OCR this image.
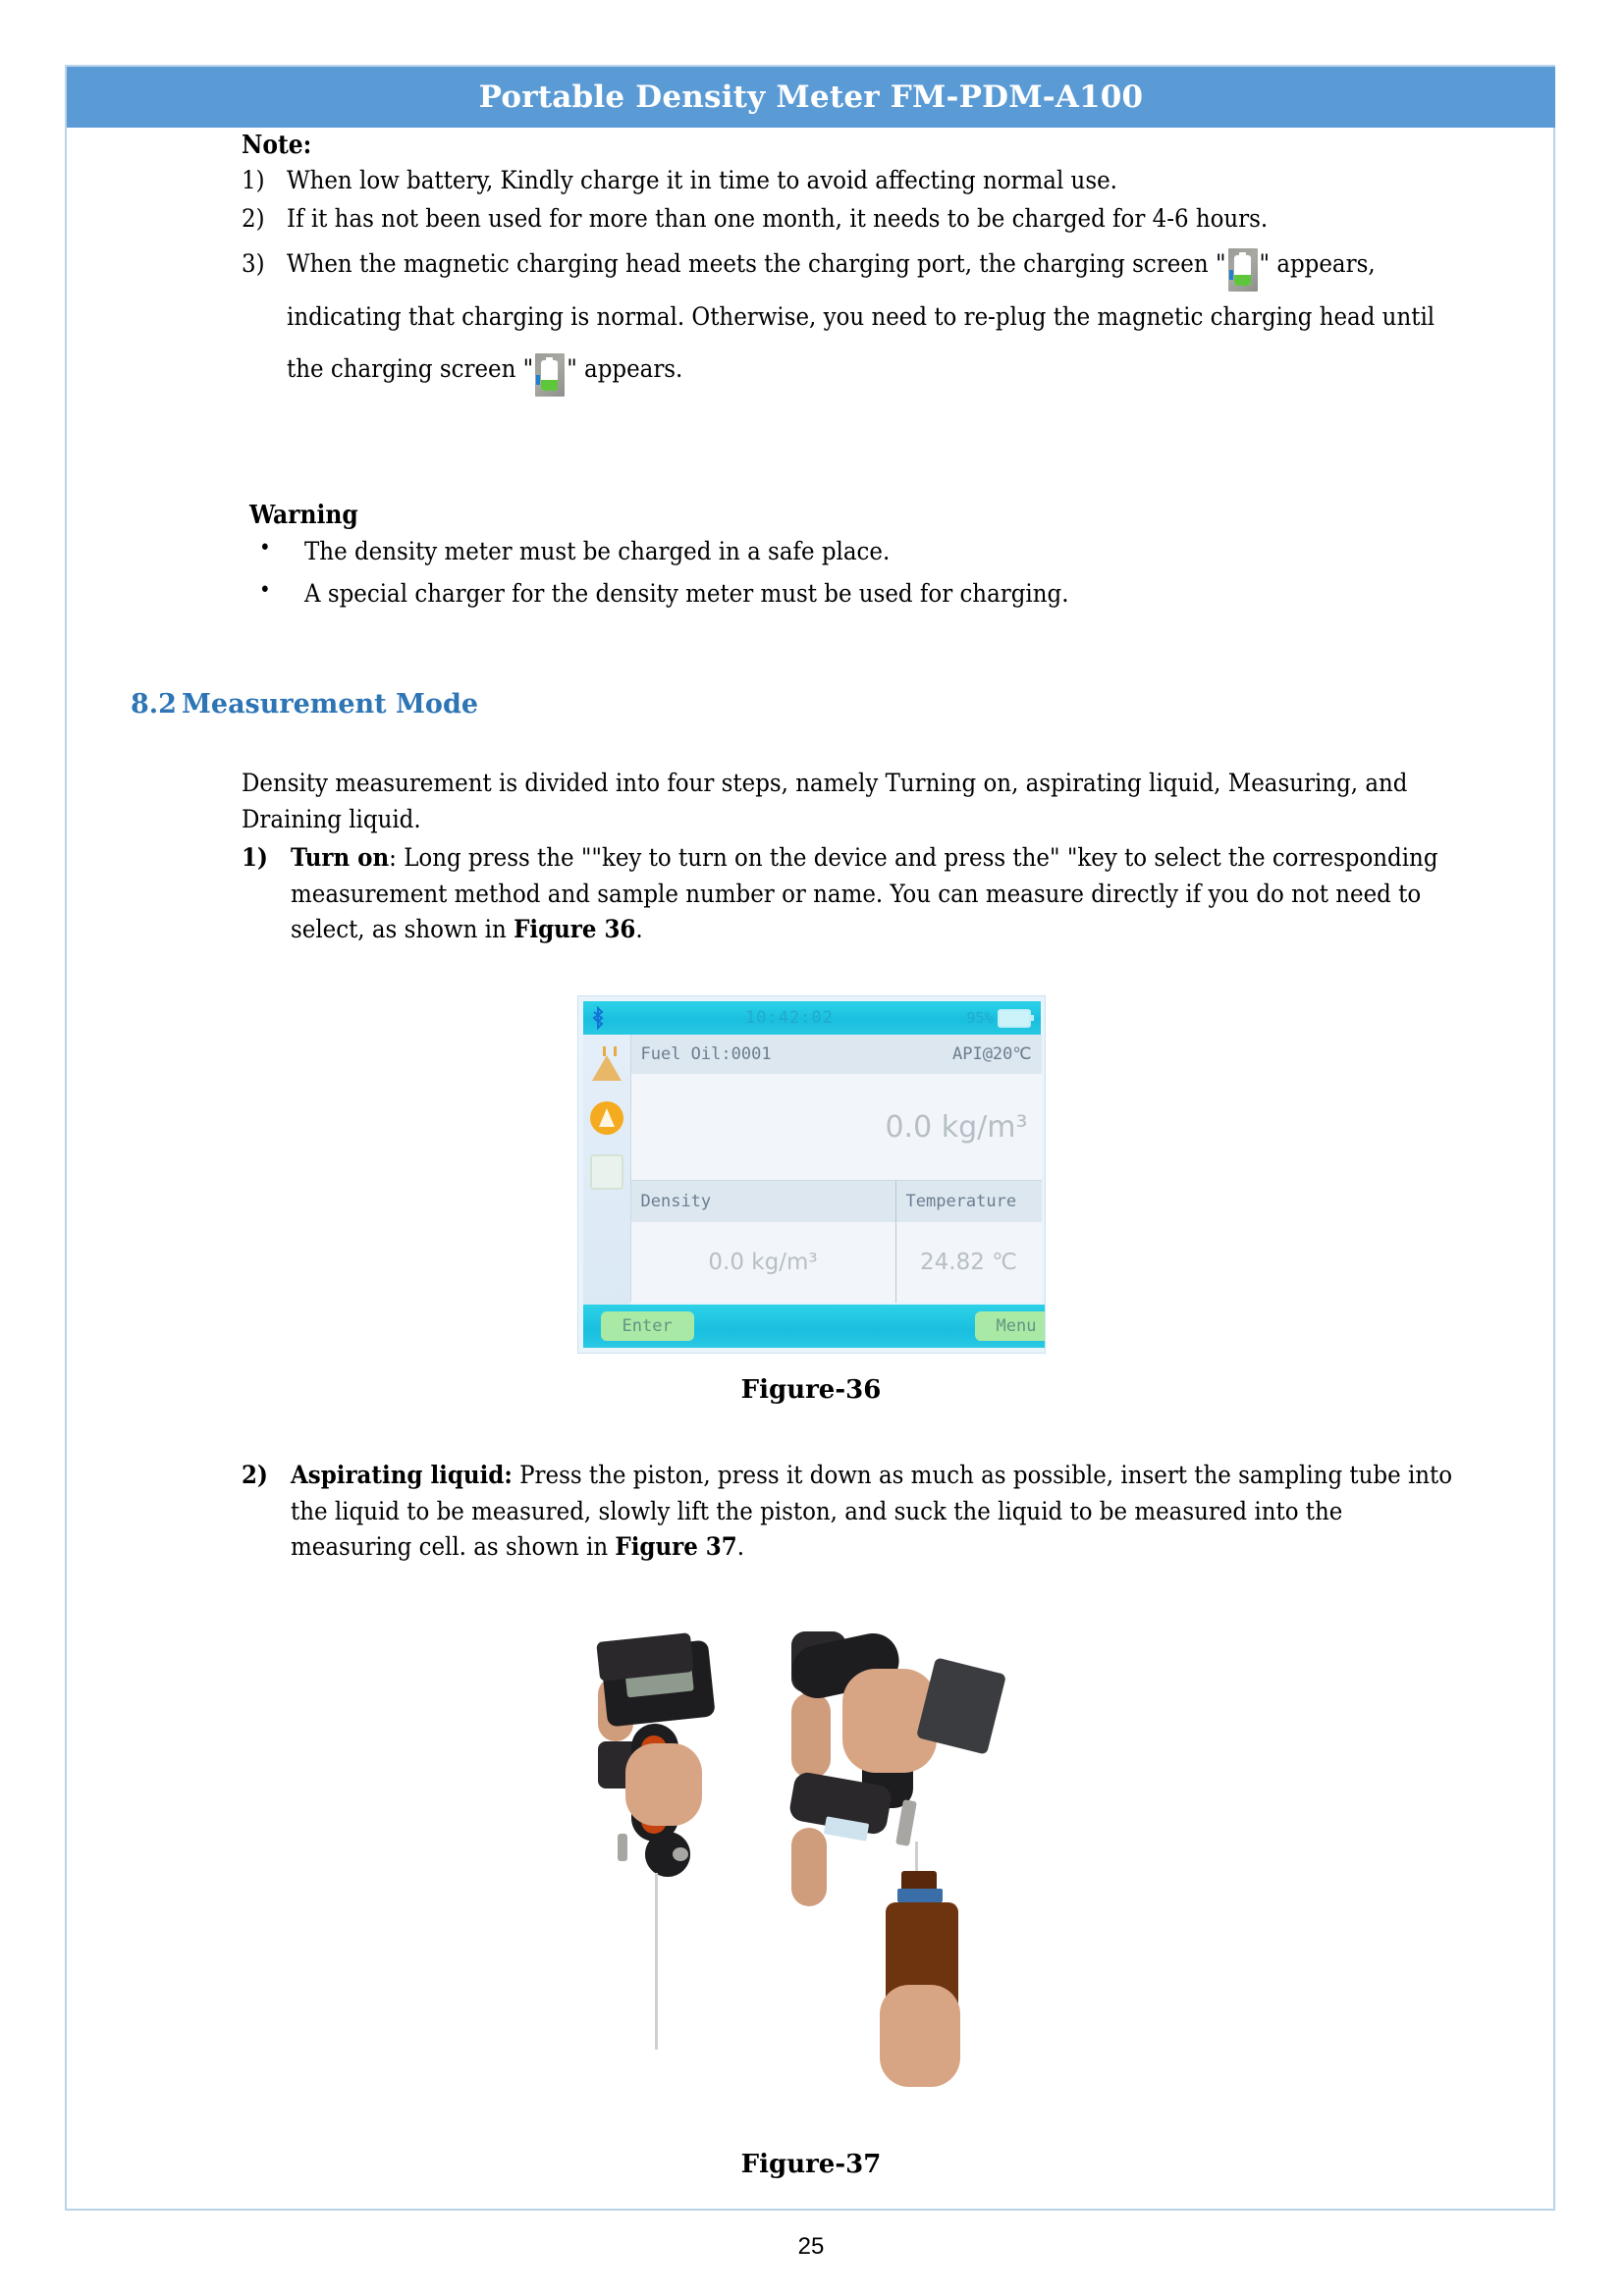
Portable Density Meter FM-PDM-A100
Note:
1) When low battery, Kindly charge it in time to avoid affecting normal use.
2) If it has not been used for more than one month, it needs to be charged for 4-6 hours.
3) When the magnetic charging head meets the charging port, the charging screen " " appears, indicating that charging is normal. Otherwise, you need to re-plug the magnetic charging head until the charging screen " " appears.
Warning
• The density meter must be charged in a safe place.
• A special charger for the density meter must be used for charging.
8.2 Measurement Mode
Density measurement is divided into four steps, namely Turning on, aspirating liquid, Measuring, and Draining liquid.
1) Turn on: Long press the ""key to turn on the device and press the" "key to select the corresponding measurement method and sample number or name. You can measure directly if you do not need to select, as shown in Figure 36.
10:42:02	95%
Fuel Oil:0001	API@20℃
0.0 kg/m³
Density
0.0 kg/m³
Temperature
24.82 ℃
Enter	Menu
Figure-36
2) Aspirating liquid: Press the piston, press it down as much as possible, insert the sampling tube into the liquid to be measured, slowly lift the piston, and suck the liquid to be measured into the measuring cell. as shown in Figure 37.
Figure-37
25
